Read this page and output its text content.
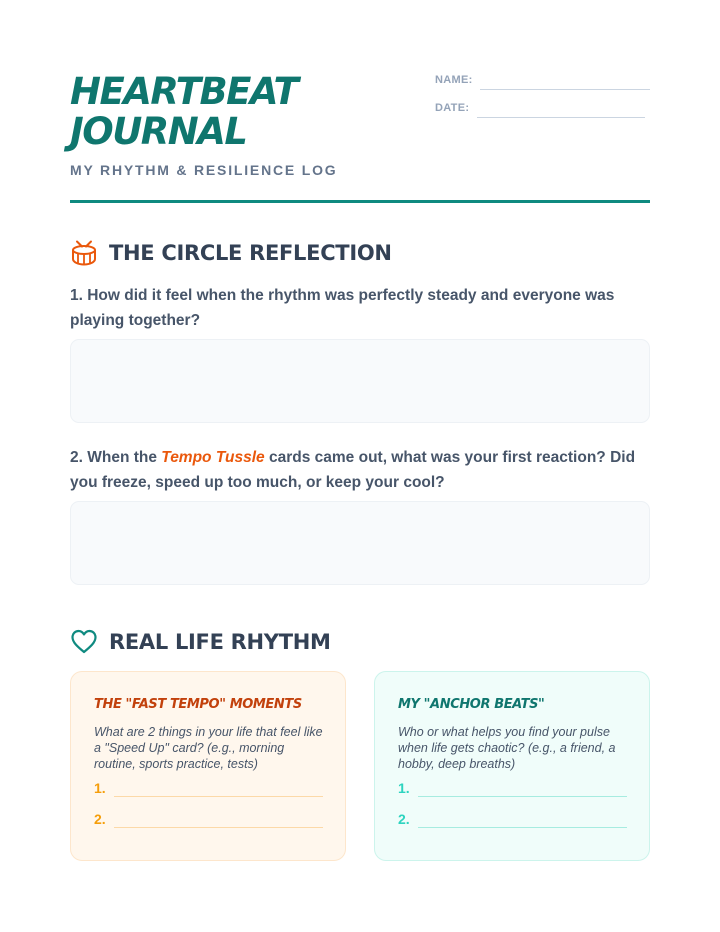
HEARTBEAT
JOURNAL
MY RHYTHM & RESILIENCE LOG
NAME:
DATE:
THE CIRCLE REFLECTION
1. How did it feel when the rhythm was perfectly steady and everyone was playing together?
2. When the Tempo Tussle cards came out, what was your first reaction? Did you freeze, speed up too much, or keep your cool?
REAL LIFE RHYTHM
THE "FAST TEMPO" MOMENTS
What are 2 things in your life that feel like a "Speed Up" card? (e.g., morning routine, sports practice, tests)
1.
2.
MY "ANCHOR BEATS"
Who or what helps you find your pulse when life gets chaotic? (e.g., a friend, a hobby, deep breaths)
1.
2.
